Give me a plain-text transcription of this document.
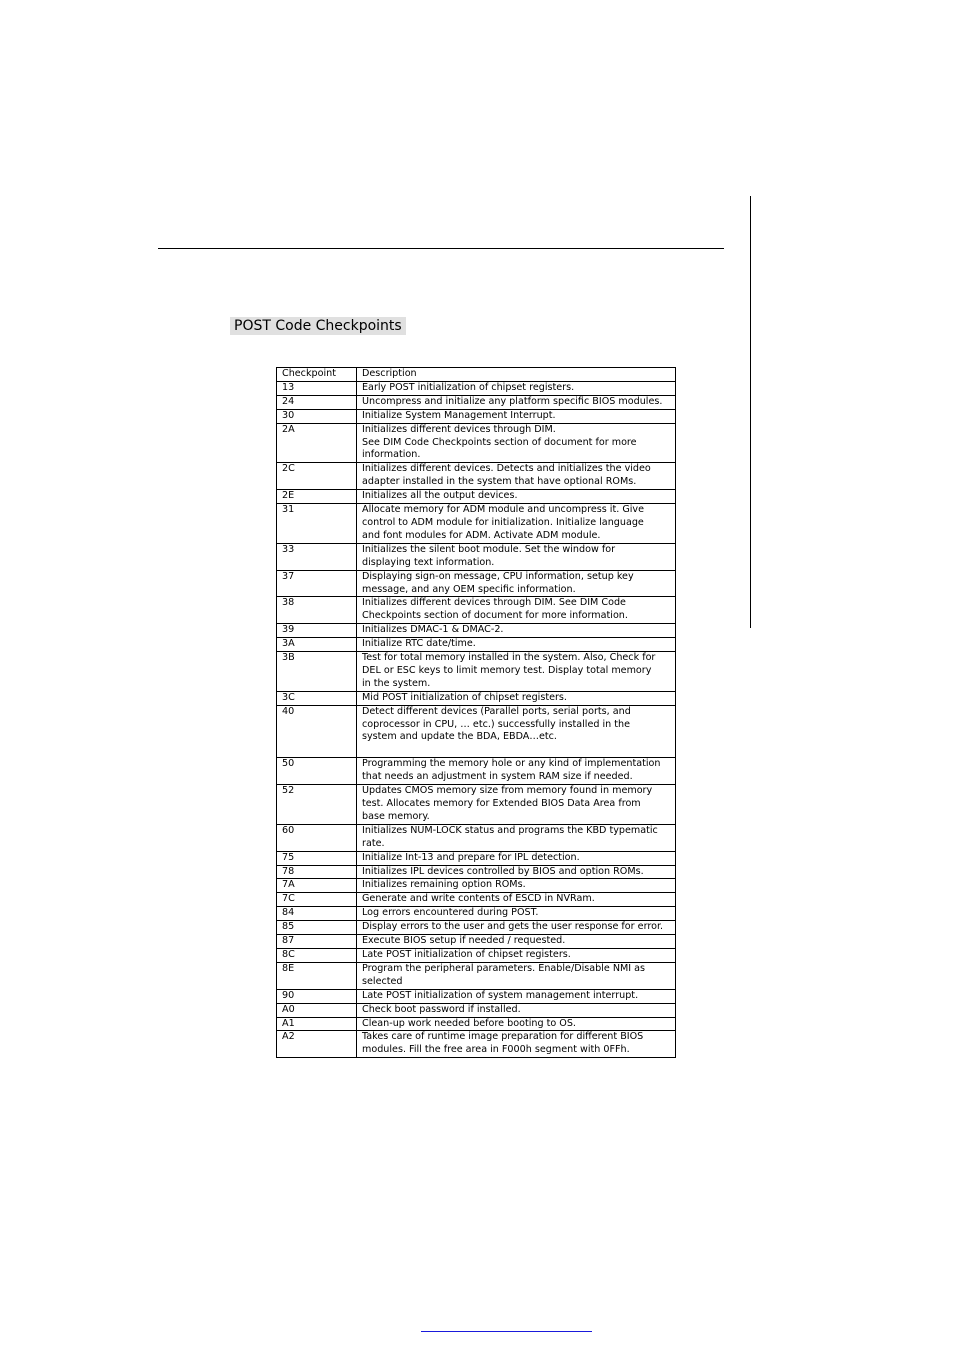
POST Code Checkpoints
Checkpoint	Description
13	Early POST initialization of chipset registers.

24	Uncompress and initialize any platform specific BIOS modules.

30	Initialize System Management Interrupt.

2A	Initializes different devices through DIM.
See DIM Code Checkpoints section of document for more
information.

2C	Initializes different devices. Detects and initializes the video
adapter installed in the system that have optional ROMs.

2E	Initializes all the output devices.

31	Allocate memory for ADM module and uncompress it. Give
control to ADM module for initialization. Initialize language
and font modules for ADM. Activate ADM module.

33	Initializes the silent boot module. Set the window for
displaying text information.

37	Displaying sign-on message, CPU information, setup key
message, and any OEM specific information.

38	Initializes different devices through DIM. See DIM Code
Checkpoints section of document for more information.

39	Initializes DMAC-1 & DMAC-2.

3A	Initialize RTC date/time.

3B	Test for total memory installed in the system. Also, Check for
DEL or ESC keys to limit memory test. Display total memory
in the system.

3C	Mid POST initialization of chipset registers.

40	Detect different devices (Parallel ports, serial ports, and
coprocessor in CPU, … etc.) successfully installed in the
system and update the BDA, EBDA…etc.

50	Programming the memory hole or any kind of implementation
that needs an adjustment in system RAM size if needed.

52	Updates CMOS memory size from memory found in memory
test. Allocates memory for Extended BIOS Data Area from
base memory.

60	Initializes NUM-LOCK status and programs the KBD typematic
rate.

75	Initialize Int-13 and prepare for IPL detection.

78	Initializes IPL devices controlled by BIOS and option ROMs.

7A	Initializes remaining option ROMs.

7C	Generate and write contents of ESCD in NVRam.

84	Log errors encountered during POST.

85	Display errors to the user and gets the user response for error.

87	Execute BIOS setup if needed / requested.

8C	Late POST initialization of chipset registers.

8E	Program the peripheral parameters. Enable/Disable NMI as
selected

90	Late POST initialization of system management interrupt.

A0	Check boot password if installed.

A1	Clean-up work needed before booting to OS.

A2	Takes care of runtime image preparation for different BIOS
modules. Fill the free area in F000h segment with 0FFh.
